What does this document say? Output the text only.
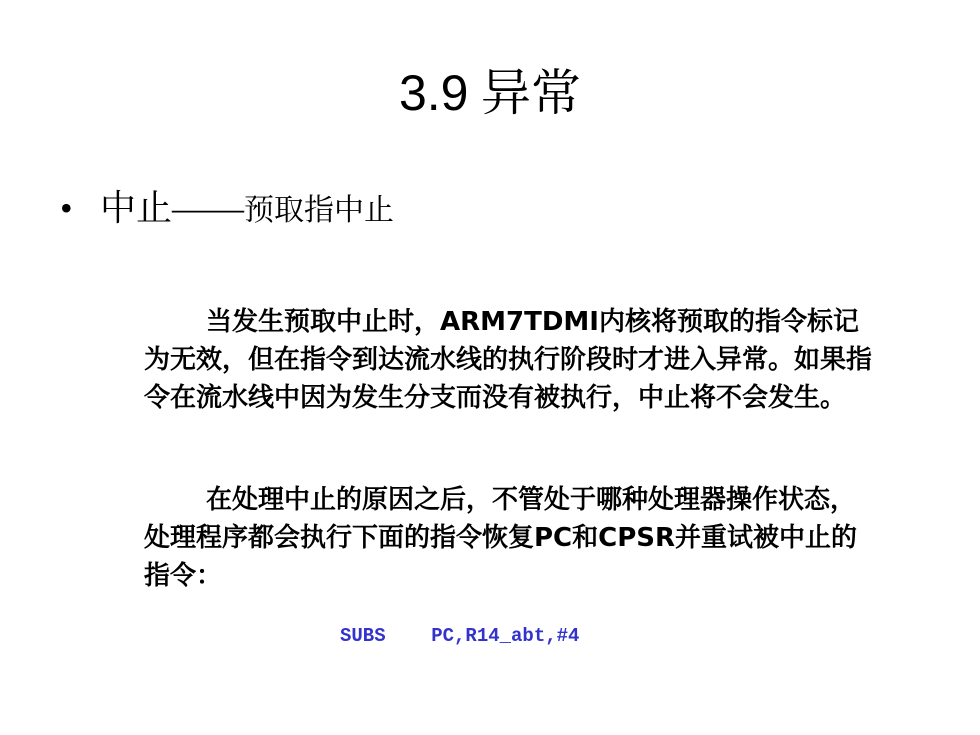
3.9 异常
• 中止——预取指中止

当发生预取中止时，ARM7TDMI内核将预取的指令标记为无效，但在指令到达流水线的执行阶段时才进入异常。如果指令在流水线中因为发生分支而没有被执行，中止将不会发生。

在处理中止的原因之后，不管处于哪种处理器操作状态，处理程序都会执行下面的指令恢复PC和CPSR并重试被中止的指令：

SUBS PC,R14_abt,#4
